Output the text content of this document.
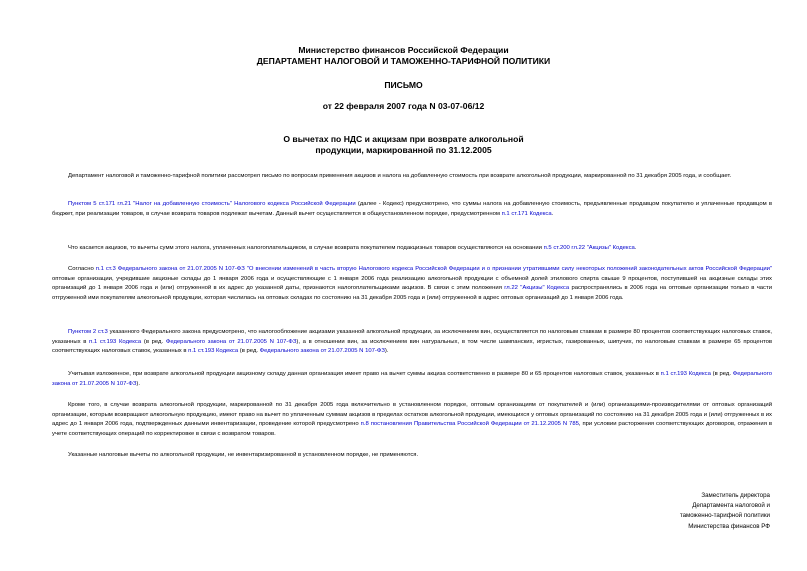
Министерство финансов Российской Федерации
ДЕПАРТАМЕНТ НАЛОГОВОЙ И ТАМОЖЕННО-ТАРИФНОЙ ПОЛИТИКИ
ПИСЬМО
от 22 февраля 2007 года N 03-07-06/12
О вычетах по НДС и акцизам при возврате алкогольной
продукции, маркированной по 31.12.2005

Департамент налоговой и таможенно-тарифной политики рассмотрел письмо по вопросам применения акцизов и налога на добавленную стоимость при возврате алкогольной продукции, маркированной по 31 декабря 2005 года, и сообщает.

Пунктом 5 ст.171 гл.21 "Налог на добавленную стоимость" Налогового кодекса Российской Федерации (далее - Кодекс) предусмотрено, что суммы налога на добавленную стоимость, предъявленные продавцом покупателю и уплаченные продавцом в бюджет, при реализации товаров, в случае возврата товаров подлежат вычетам. Данный вычет осуществляется в общеустановленном порядке, предусмотренном п.1 ст.171 Кодекса.

Что касается акцизов, то вычеты сумм этого налога, уплаченных налогоплательщиком, в случае возврата покупателем подакцизных товаров осуществляются на основании п.5 ст.200 гл.22 "Акцизы" Кодекса.

Согласно п.1 ст.3 Федерального закона от 21.07.2005 N 107-ФЗ "О внесении изменений в часть вторую Налогового кодекса Российской Федерации и о признании утратившими силу некоторых положений законодательных актов Российской Федерации" оптовые организации, учредившие акцизные склады до 1 января 2006 года и осуществляющие с 1 января 2006 года реализацию алкогольной продукции с объемной долей этилового спирта свыше 9 процентов, поступившей на акцизные склады этих организаций до 1 января 2006 года и (или) отгруженной в их адрес до указанной даты, признаются налогоплательщиками акцизов. В связи с этим положения гл.22 "Акцизы" Кодекса распространялись в 2006 года на оптовые организации только в части отгруженной ими покупателям алкогольной продукции, которая числилась на оптовых складах по состоянию на 31 декабря 2005 года и (или) отгруженной в адрес оптовых организаций до 1 января 2006 года.

Пунктом 2 ст.3 указанного Федерального закона предусмотрено, что налогообложение акцизами указанной алкогольной продукции, за исключением вин, осуществляется по налоговым ставкам в размере 80 процентов соответствующих налоговых ставок, указанных в п.1 ст.193 Кодекса (в ред. Федерального закона от 21.07.2005 N 107-ФЗ), а в отношении вин, за исключением вин натуральных, в том числе шампанских, игристых, газированных, шипучих, по налоговым ставкам в размере 65 процентов соответствующих налоговых ставок, указанных в п.1 ст.193 Кодекса (в ред. Федерального закона от 21.07.2005 N 107-ФЗ).

Учитывая изложенное, при возврате алкогольной продукции акцизному складу данная организация имеет право на вычет суммы акциза соответственно в размере 80 и 65 процентов налоговых ставок, указанных в п.1 ст.193 Кодекса (в ред. Федерального закона от 21.07.2005 N 107-ФЗ).

Кроме того, в случае возврата алкогольной продукции, маркированной по 31 декабря 2005 года включительно в установленном порядке, оптовым организациям от покупателей и (или) организациями-производителями от оптовых организаций организации, которым возвращают алкогольную продукцию, имеют право на вычет по уплаченным суммам акцизов в пределах остатков алкогольной продукции, имеющихся у оптовых организаций по состоянию на 31 декабря 2005 года и (или) отгруженных в их адрес до 1 января 2006 года, подтвержденных данными инвентаризации, проведение которой предусмотрено п.8 постановления Правительства Российской Федерации от 21.12.2005 N 785, при условии расторжения соответствующих договоров, отражения в учете соответствующих операций по корректировке в связи с возвратом товаров.

Указанные налоговые вычеты по алкогольной продукции, не инвентаризированной в установленном порядке, не применяются.

Заместитель директора
Департамента налоговой и
таможенно-тарифной политики
Министерства финансов РФ
